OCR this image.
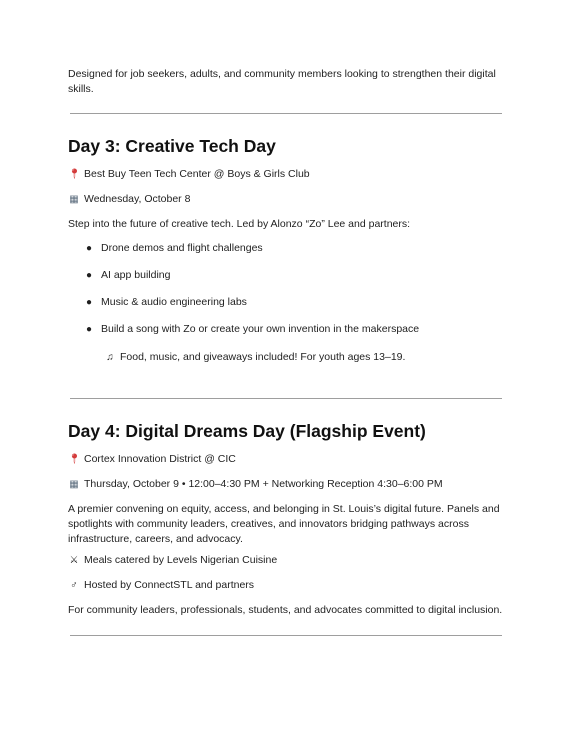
Designed for job seekers, adults, and community members looking to strengthen their digital skills.
Day 3: Creative Tech Day
📍︎ Best Buy Teen Tech Center @ Boys & Girls Club
▦ Wednesday, October 8
Step into the future of creative tech. Led by Alonzo “Zo” Lee and partners:
● Drone demos and flight challenges
● AI app building
● Music & audio engineering labs
● Build a song with Zo or create your own invention in the makerspace
♫ Food, music, and giveaways included! For youth ages 13–19.
Day 4: Digital Dreams Day (Flagship Event)
📍︎ Cortex Innovation District @ CIC
▦ Thursday, October 9 • 12:00–4:30 PM + Networking Reception 4:30–6:00 PM
A premier convening on equity, access, and belonging in St. Louis’s digital future. Panels and spotlights with community leaders, creatives, and innovators bridging pathways across infrastructure, careers, and advocacy.
⚔ Meals catered by Levels Nigerian Cuisine
♂ Hosted by ConnectSTL and partners
For community leaders, professionals, students, and advocates committed to digital inclusion.
